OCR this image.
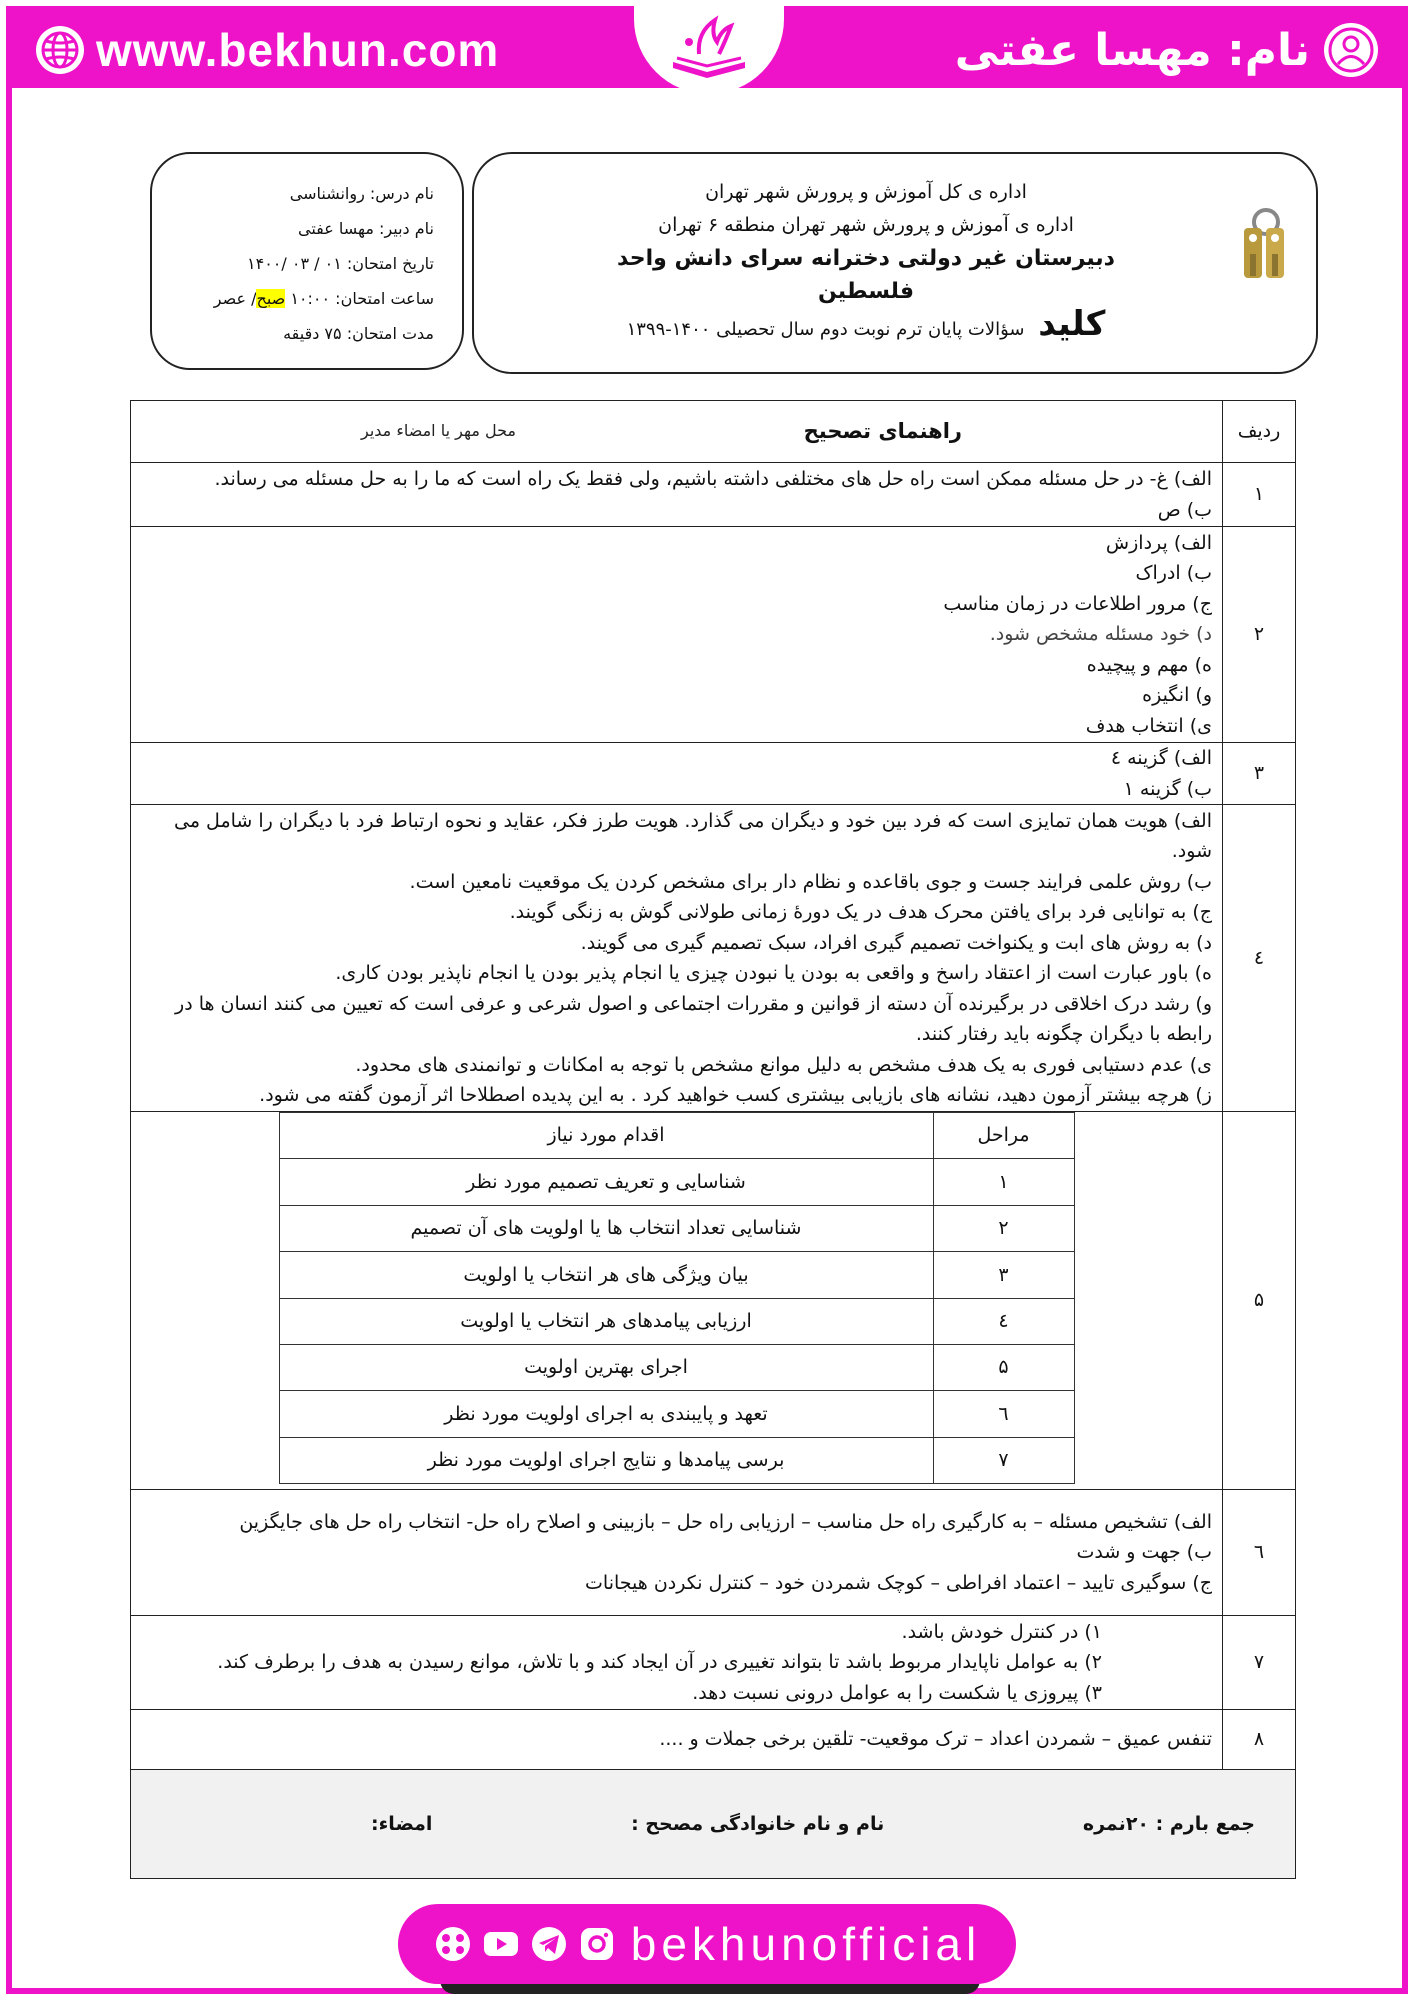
www.bekhun.com	نام: مهسا عفتی
اداره ی کل آموزش و پرورش شهر تهران
اداره ی آموزش و پرورش شهر تهران منطقه ۶ تهران
دبیرستان غیر دولتی دخترانه سرای دانش واحد فلسطین
کلید سؤالات پایان ترم نوبت دوم سال تحصیلی ۱۴۰۰-۱۳۹۹
نام درس: روانشناسی
نام دبیر: مهسا عفتی
تاریخ امتحان: ۰۱ / ۰۳ /۱۴۰۰
ساعت امتحان: ۱۰:۰۰ صبح/ عصر
مدت امتحان: ۷۵ دقیقه
ردیف	راهنمای تصحیح
محل مهر یا امضاء مدیر

۱	
الف) غ- در حل مسئله ممکن است راه حل های مختلفی داشته باشیم، ولی فقط یک راه است که ما را به حل مسئله می رساند.
ب) ص

۲	
الف) پردازش
ب) ادراک
ج) مرور اطلاعات در زمان مناسب
د) خود مسئله مشخص شود.
ه) مهم و پیچیده
و) انگیزه
ی) انتخاب هدف

۳	
الف) گزینه ٤
ب) گزینه ۱

٤	
الف) هویت همان تمایزی است که فرد بین خود و دیگران می گذارد. هویت طرز فکر، عقاید و نحوه ارتباط فرد با دیگران را شامل می شود.
ب) روش علمی فرایند جست و جوی باقاعده و نظام دار برای مشخص کردن یک موقعیت نامعین است.
ج) به توانایی فرد برای یافتن محرک هدف در یک دورهٔ زمانی طولانی گوش به زنگی گویند.
د) به روش های ابت و یکنواخت تصمیم گیری افراد، سبک تصمیم گیری می گویند.
ه) باور عبارت است از اعتقاد راسخ و واقعی به بودن یا نبودن چیزی یا انجام پذیر بودن یا انجام ناپذیر بودن کاری.
و) رشد درک اخلاقی در برگیرنده آن دسته از قوانین و مقررات اجتماعی و اصول شرعی و عرفی است که تعیین می کنند انسان ها در رابطه با دیگران چگونه باید رفتار کنند.
ی) عدم دستیابی فوری به یک هدف مشخص به دلیل موانع مشخص با توجه به امکانات و توانمندی های محدود.
ز) هرچه بیشتر آزمون دهید، نشانه های بازیابی بیشتری کسب خواهید کرد . به این پدیده اصطلاحا اثر آزمون گفته می شود.

۵	
مراحل	اقدام مورد نیاز
۱	شناسایی و تعریف تصمیم مورد نظر
۲	شناسایی تعداد انتخاب ها یا اولویت های آن تصمیم
۳	بیان ویژگی های هر انتخاب یا اولویت
٤	ارزیابی پیامدهای هر انتخاب یا اولویت
۵	اجرای بهترین اولویت
٦	تعهد و پایبندی به اجرای اولویت مورد نظر
۷	برسی پیامدها و نتایج اجرای اولویت مورد نظر

٦	
الف) تشخیص مسئله – به کارگیری راه حل مناسب – ارزیابی راه حل – بازبینی و اصلاح راه حل- انتخاب راه حل های جایگزین
ب) جهت و شدت
ج) سوگیری تایید – اعتماد افراطی – کوچک شمردن خود – کنترل نکردن هیجانات

۷	
۱) در کنترل خودش باشد.
۲) به عوامل ناپایدار مربوط باشد تا بتواند تغییری در آن ایجاد کند و با تلاش، موانع رسیدن به هدف را برطرف کند.
۳) پیروزی یا شکست را به عوامل درونی نسبت دهد.

۸	تنفس عمیق – شمردن اعداد – ترک موقعیت- تلقین برخی جملات و ....

جمع بارم : ۲۰نمره
نام و نام خانوادگی مصحح :
امضاء:
bekhunofficial
